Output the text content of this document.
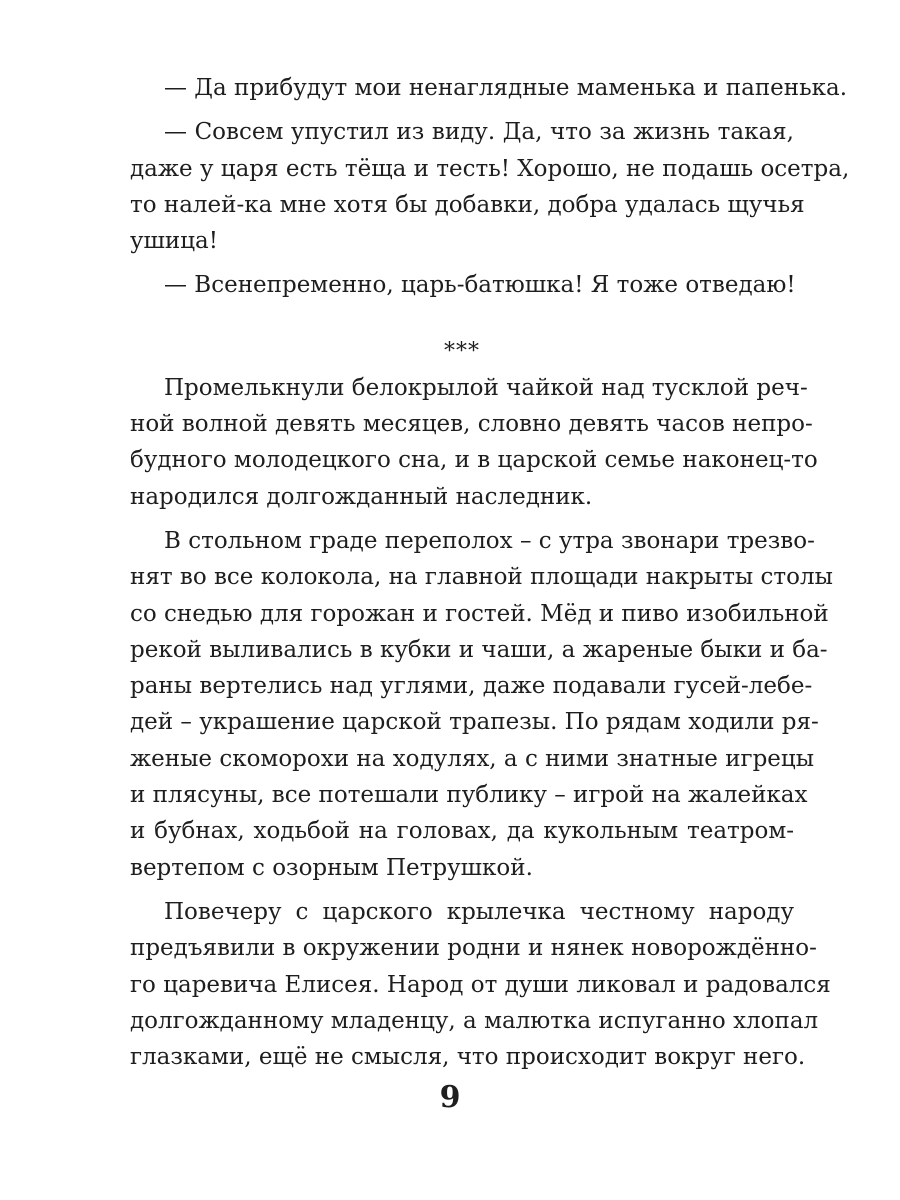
— Да прибудут мои ненаглядные маменька и папенька.
— Совсем упустил из виду. Да, что за жизнь такая,
даже у царя есть тёща и тесть! Хорошо, не подашь осетра,
то налей-ка мне хотя бы добавки, добра удалась щучья
ушица!
— Всенепременно, царь-батюшка! Я тоже отведаю!
***
Промелькнули белокрылой чайкой над тусклой реч-
ной волной девять месяцев, словно девять часов непро-
будного молодецкого сна, и в царской семье наконец-то
народился долгожданный наследник.
В стольном граде переполох – с утра звонари трезво-
нят во все колокола, на главной площади накрыты столы
со снедью для горожан и гостей. Мёд и пиво изобильной
рекой выливались в кубки и чаши, а жареные быки и ба-
раны вертелись над углями, даже подавали гусей-лебе-
дей – украшение царской трапезы. По рядам ходили ря-
женые скоморохи на ходулях, а с ними знатные игрецы
и плясуны, все потешали публику – игрой на жалейках
и бубнах, ходьбой на головах, да кукольным театром-
вертепом с озорным Петрушкой.
Повечеру с царского крылечка честному народу
предъявили в окружении родни и нянек новорождённо-
го царевича Елисея. Народ от души ликовал и радовался
долгожданному младенцу, а малютка испуганно хлопал
глазками, ещё не смысля, что происходит вокруг него.
9
